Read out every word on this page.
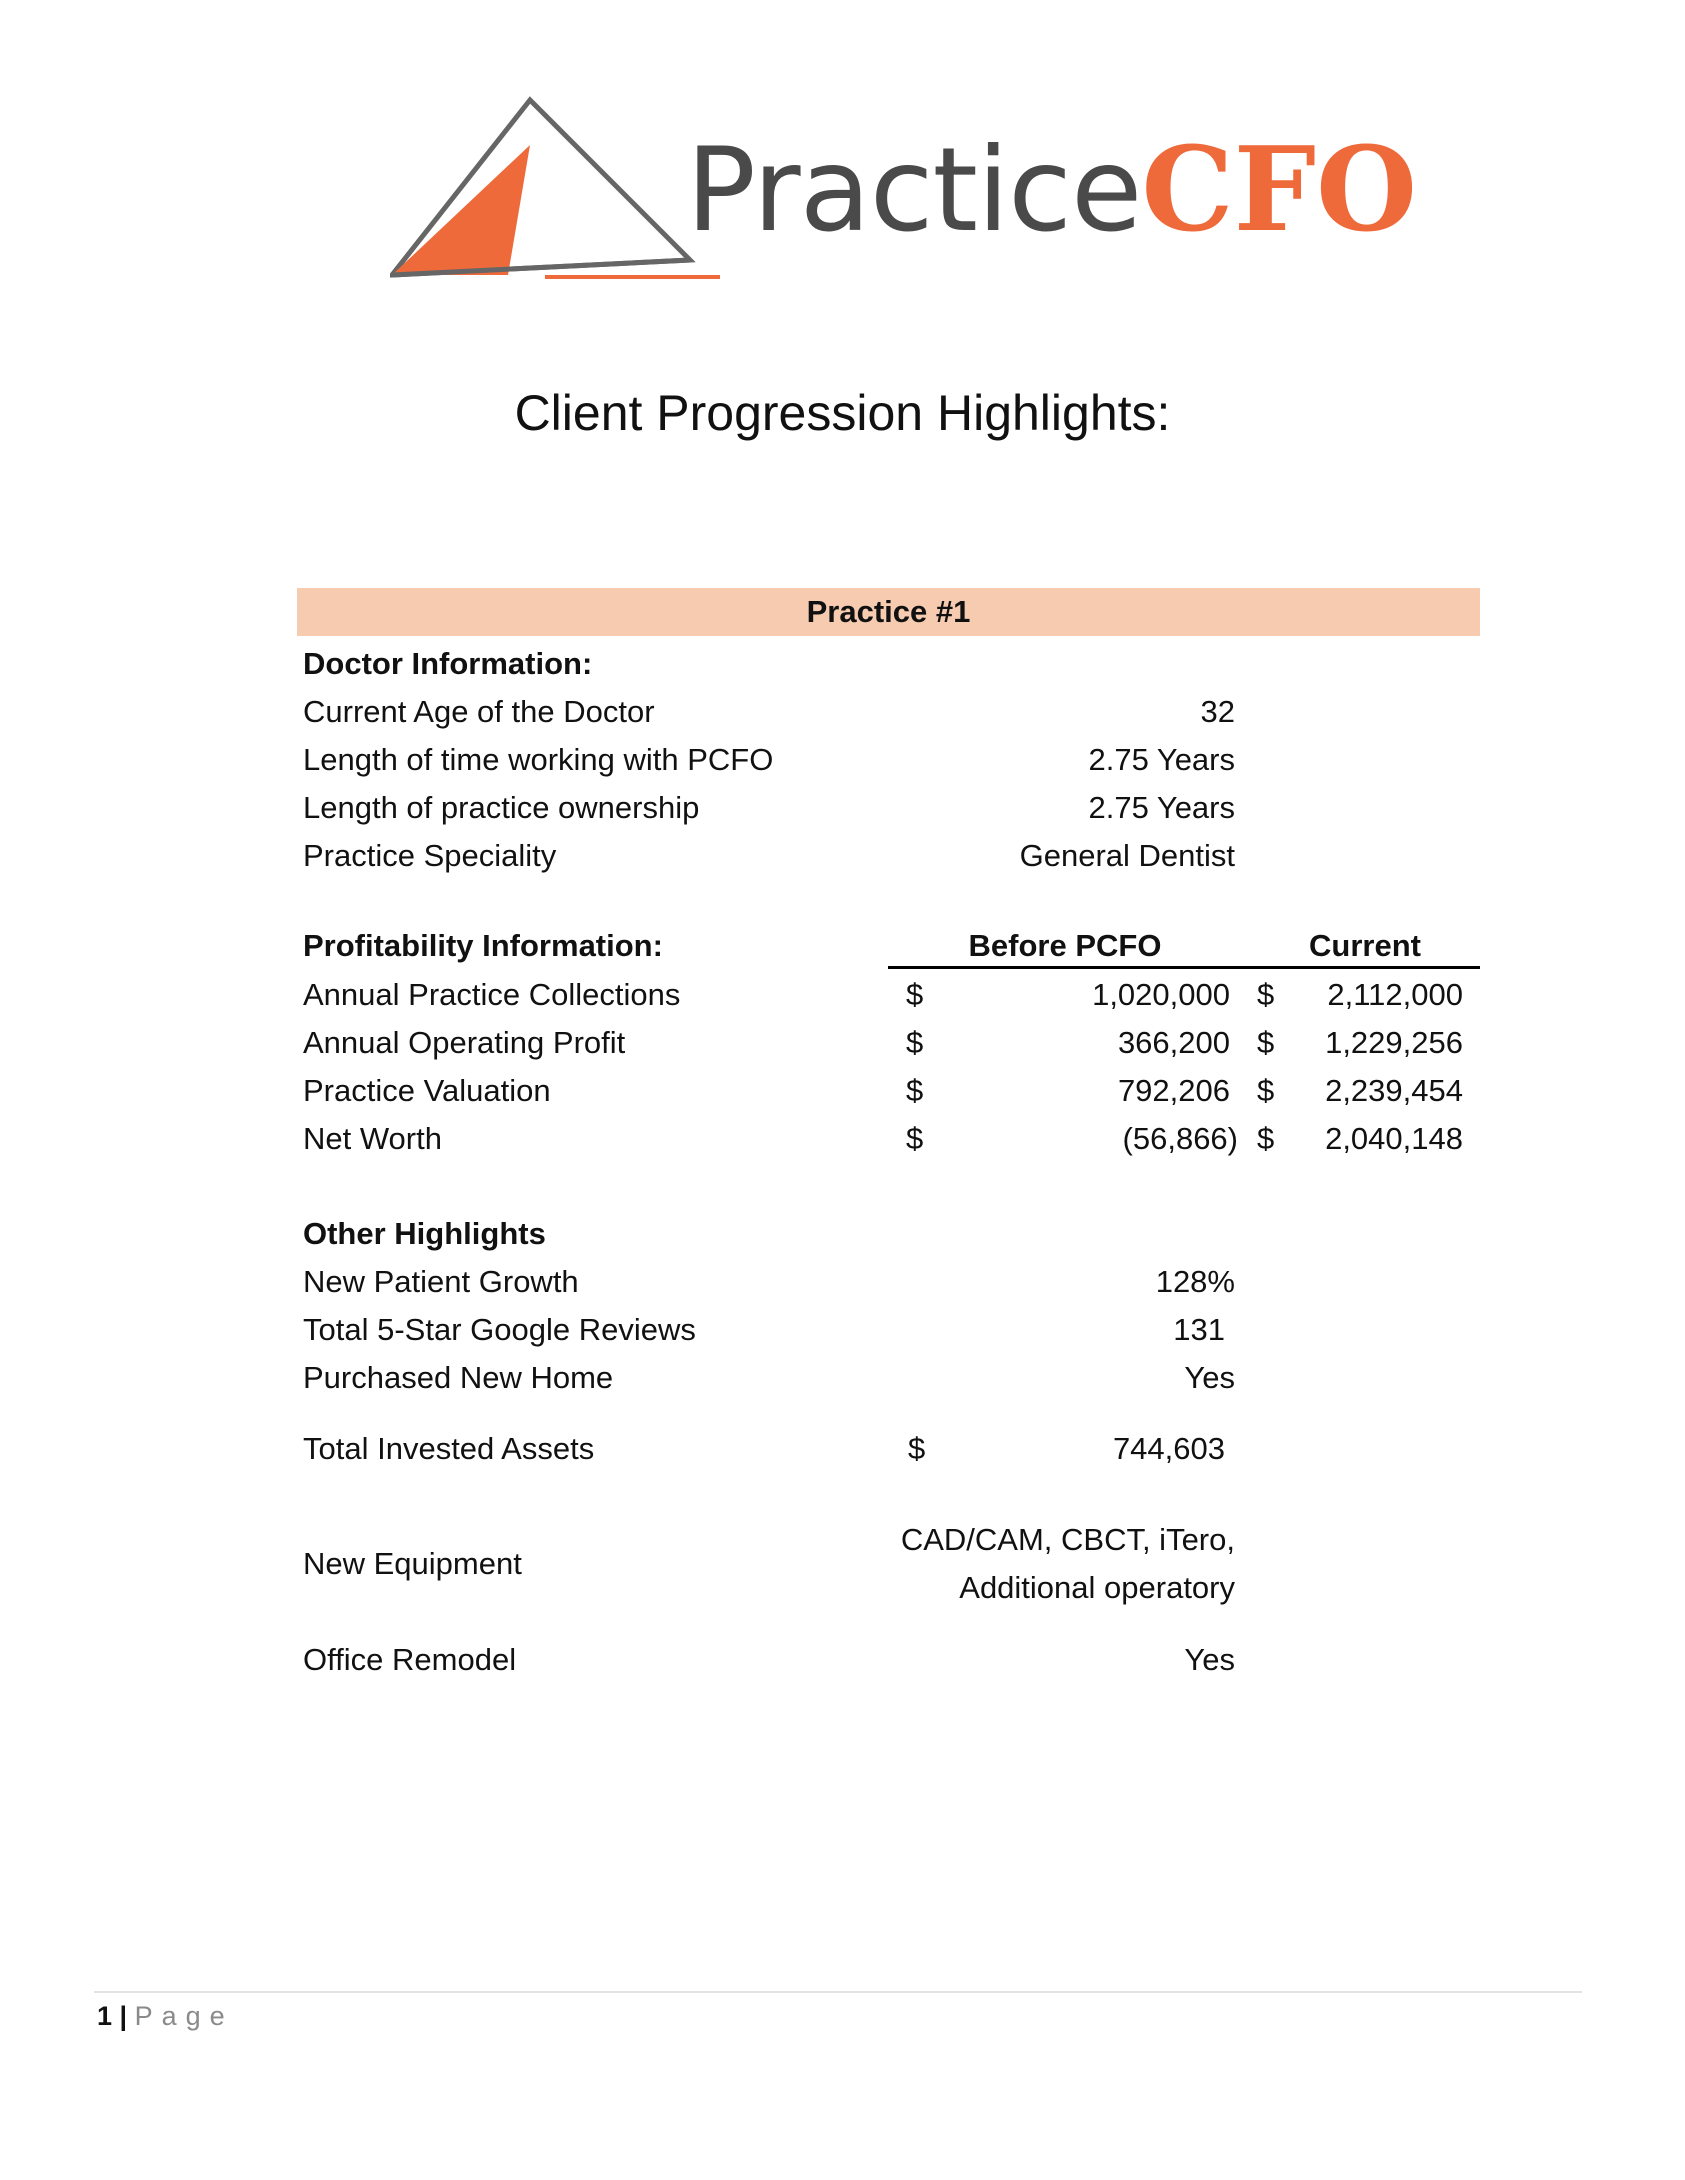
PracticeCFO
Client Progression Highlights:
Practice #1
Doctor Information:
Current Age of the Doctor	32
Length of time working with PCFO	2.75 Years
Length of practice ownership	2.75 Years
Practice Speciality	General Dentist
Profitability Information:	Before PCFO	Current
Annual Practice Collections	$	1,020,000 $ 2,112,000
Annual Operating Profit	$	366,200 $ 1,229,256
Practice Valuation	$	792,206 $ 2,239,454
Net Worth	$	(56,866) $ 2,040,148
Other Highlights
New Patient Growth	128%
Total 5-Star Google Reviews	131
Purchased New Home	Yes
Total Invested Assets	$	744,603
New Equipment
CAD/CAM, CBCT, iTero,
Additional operatory
Office Remodel	Yes
1 | Page
